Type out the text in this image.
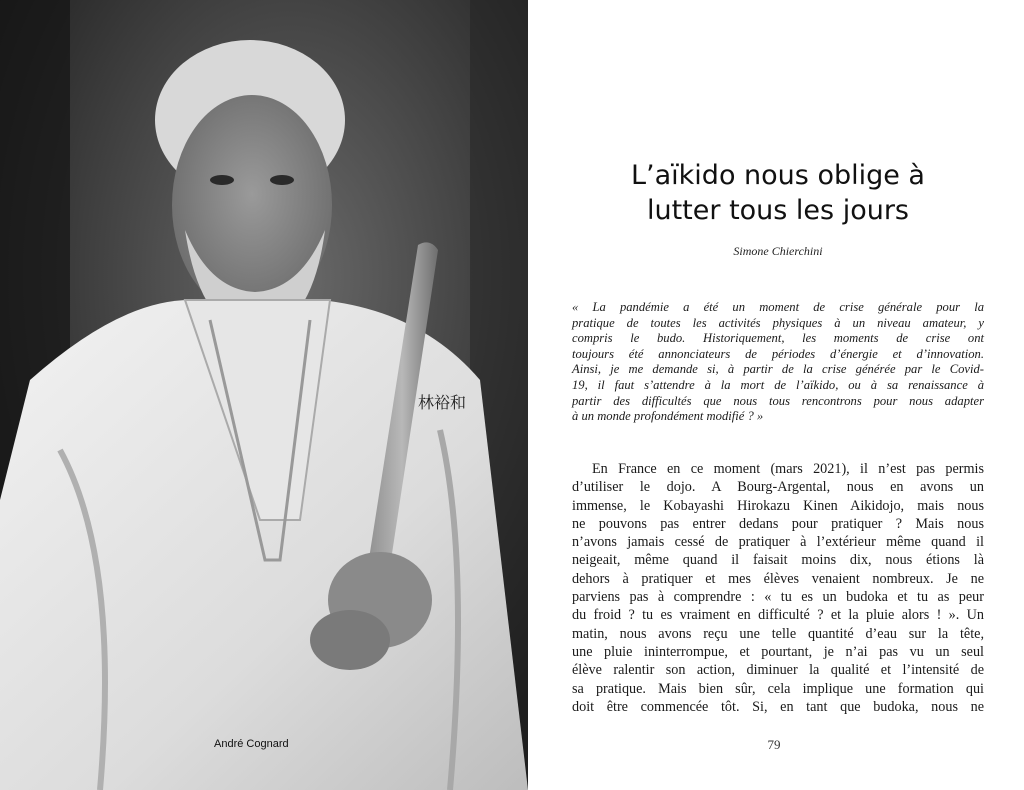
林裕和
André Cognard
L’aïkido nous oblige à
lutter tous les jours
Simone Chierchini
« La pandémie a été un moment de crise générale pour la
pratique de toutes les activités physiques à un niveau amateur, y
compris le budo. Historiquement, les moments de crise ont
toujours été annonciateurs de périodes d’énergie et d’innovation.
Ainsi, je me demande si, à partir de la crise générée par le Covid-
19, il faut s’attendre à la mort de l’aïkido, ou à sa renaissance à
partir des difficultés que nous tous rencontrons pour nous adapter
à un monde profondément modifié ? »
En France en ce moment (mars 2021), il n’est pas permis
d’utiliser le dojo. A Bourg-Argental, nous en avons un
immense, le Kobayashi Hirokazu Kinen Aikidojo, mais nous
ne pouvons pas entrer dedans pour pratiquer ? Mais nous
n’avons jamais cessé de pratiquer à l’extérieur même quand il
neigeait, même quand il faisait moins dix, nous étions là
dehors à pratiquer et mes élèves venaient nombreux. Je ne
parviens pas à comprendre : « tu es un budoka et tu as peur
du froid ? tu es vraiment en difficulté ? et la pluie alors ! ». Un
matin, nous avons reçu une telle quantité d’eau sur la tête,
une pluie ininterrompue, et pourtant, je n’ai pas vu un seul
élève ralentir son action, diminuer la qualité et l’intensité de
sa pratique. Mais bien sûr, cela implique une formation qui
doit être commencée tôt. Si, en tant que budoka, nous ne
79
